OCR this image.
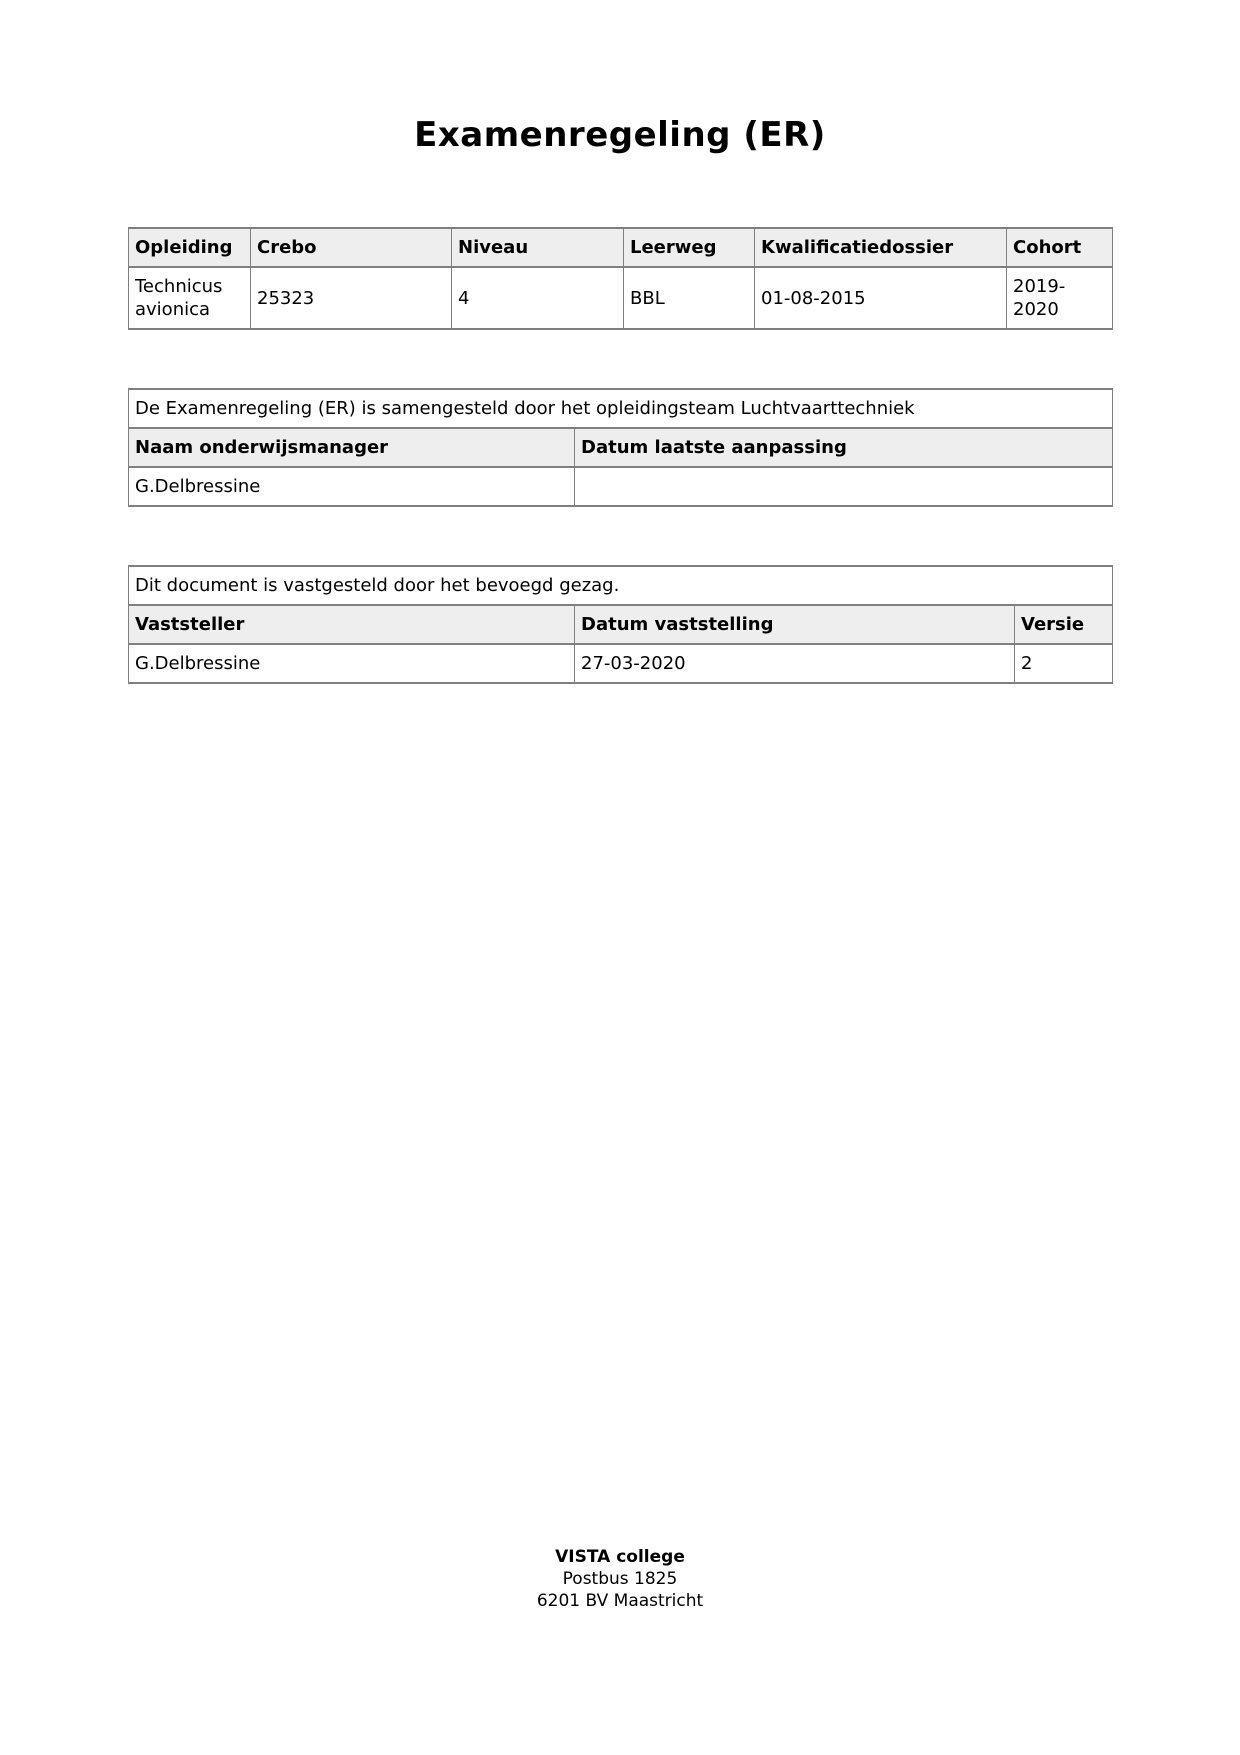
Examenregeling (ER)
Opleiding	Crebo	Niveau	Leerweg	Kwalificatiedossier	Cohort
Technicus avionica	25323	4	BBL	01-08-2015	2019-2020
De Examenregeling (ER) is samengesteld door het opleidingsteam Luchtvaarttechniek	
Naam onderwijsmanager	Datum laatste aanpassing
G.Delbressine	
Dit document is vastgesteld door het bevoegd gezag.		
Vaststeller	Datum vaststelling	Versie
G.Delbressine	27-03-2020	2
VISTA college
Postbus 1825
6201 BV Maastricht
